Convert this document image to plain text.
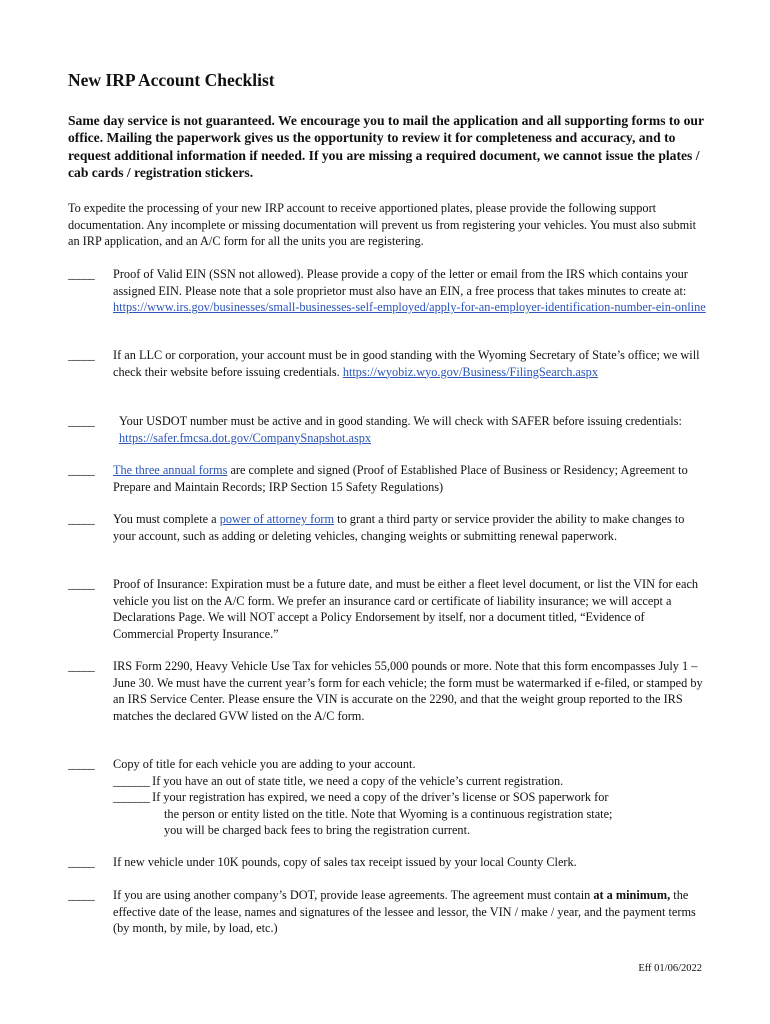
New IRP Account Checklist

Same day service is not guaranteed. We encourage you to mail the application and all supporting forms to our office. Mailing the paperwork gives us the opportunity to review it for completeness and accuracy, and to request additional information if needed. If you are missing a required document, we cannot issue the plates / cab cards / registration stickers.

To expedite the processing of your new IRP account to receive apportioned plates, please provide the following support documentation. Any incomplete or missing documentation will prevent us from registering your vehicles. You must also submit an IRP application, and an A/C form for all the units you are registering.

_____ Proof of Valid EIN (SSN not allowed). Please provide a copy of the letter or email from the IRS which contains your assigned EIN. Please note that a sole proprietor must also have an EIN, a free process that takes minutes to create at: https://www.irs.gov/businesses/small-businesses-self-employed/apply-for-an-employer-identification-number-ein-online
_____ If an LLC or corporation, your account must be in good standing with the Wyoming Secretary of State’s office; we will check their website before issuing credentials. https://wyobiz.wyo.gov/Business/FilingSearch.aspx
_____ Your USDOT number must be active and in good standing. We will check with SAFER before issuing credentials: https://safer.fmcsa.dot.gov/CompanySnapshot.aspx
_____ The three annual forms are complete and signed (Proof of Established Place of Business or Residency; Agreement to Prepare and Maintain Records; IRP Section 15 Safety Regulations)
_____ You must complete a power of attorney form to grant a third party or service provider the ability to make changes to your account, such as adding or deleting vehicles, changing weights or submitting renewal paperwork.
_____ Proof of Insurance: Expiration must be a future date, and must be either a fleet level document, or list the VIN for each vehicle you list on the A/C form. We prefer an insurance card or certificate of liability insurance; we will accept a Declarations Page. We will NOT accept a Policy Endorsement by itself, nor a document titled, “Evidence of Commercial Property Insurance.”
_____ IRS Form 2290, Heavy Vehicle Use Tax for vehicles 55,000 pounds or more. Note that this form encompasses July 1 – June 30. We must have the current year’s form for each vehicle; the form must be watermarked if e-filed, or stamped by an IRS Service Center. Please ensure the VIN is accurate on the 2290, and that the weight group reported to the IRS matches the declared GVW listed on the A/C form.
_____ Copy of title for each vehicle you are adding to your account.
_______ If you have an out of state title, we need a copy of the vehicle’s current registration.
_______ If your registration has expired, we need a copy of the driver’s license or SOS paperwork for
the person or entity listed on the title. Note that Wyoming is a continuous registration state;
you will be charged back fees to bring the registration current.
_____ If new vehicle under 10K pounds, copy of sales tax receipt issued by your local County Clerk.
_____ If you are using another company’s DOT, provide lease agreements. The agreement must contain at a minimum, the effective date of the lease, names and signatures of the lessee and lessor, the VIN / make / year, and the payment terms (by month, by mile, by load, etc.)
Eff 01/06/2022
